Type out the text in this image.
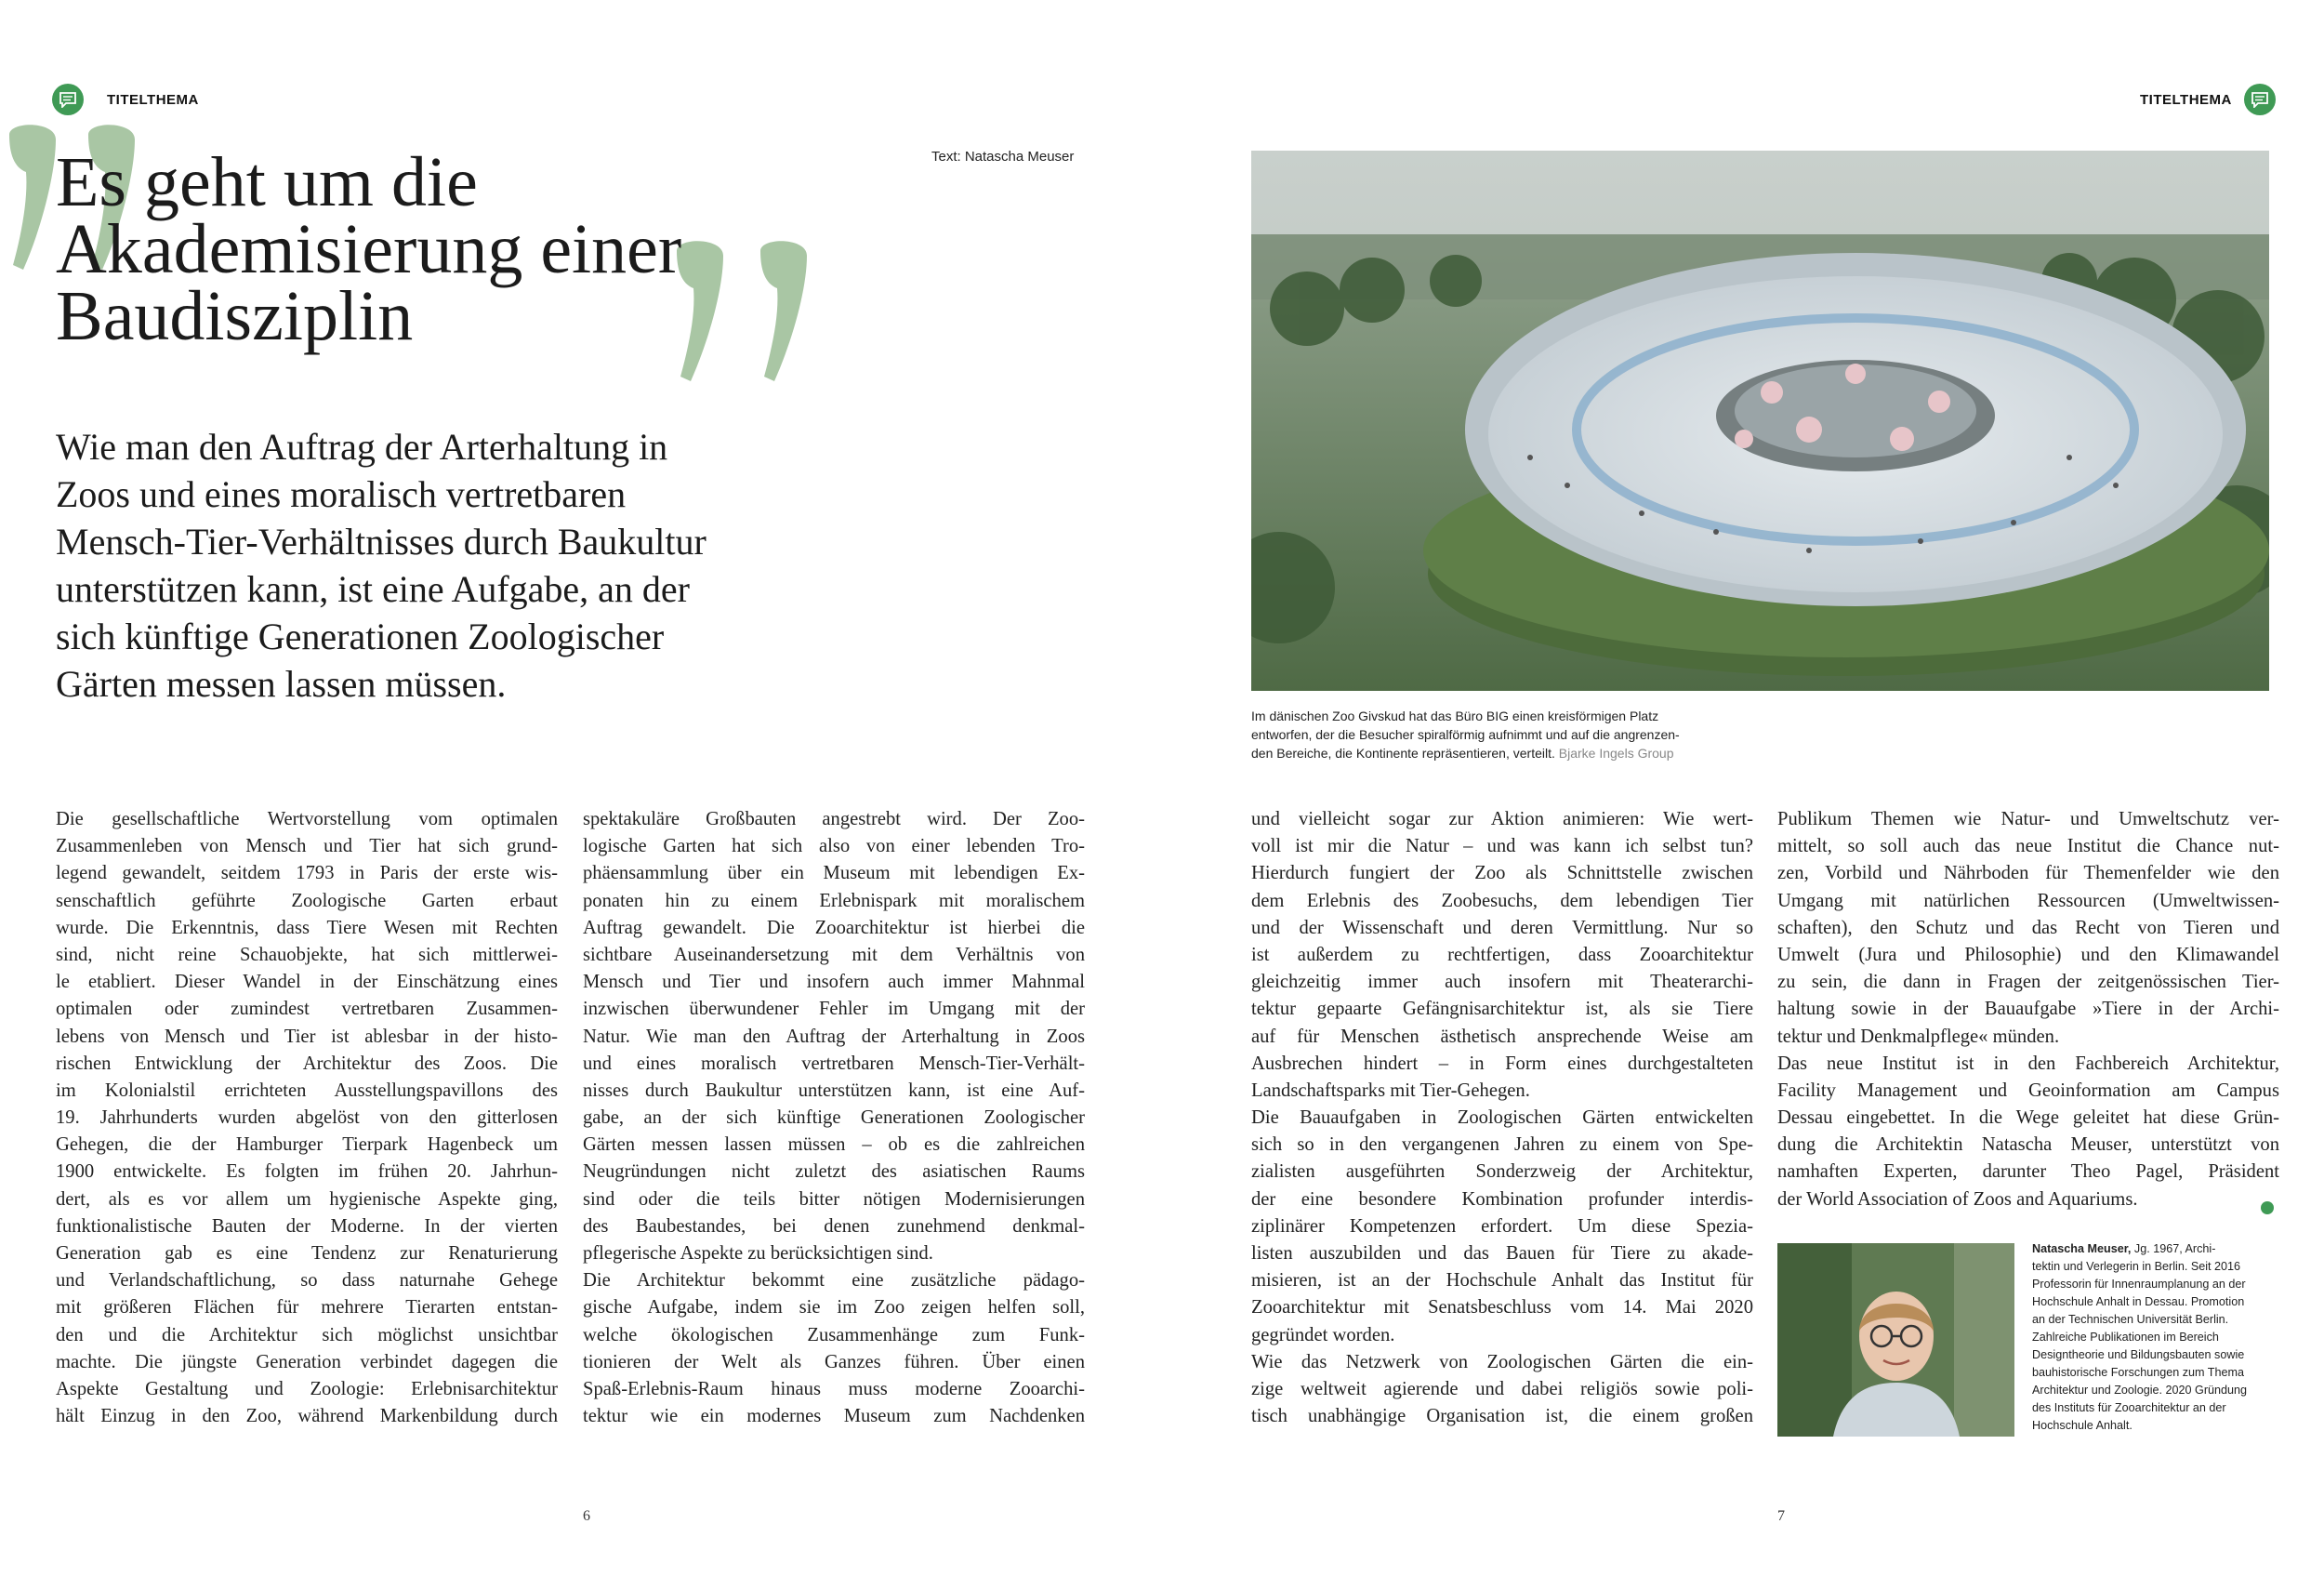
TITELTHEMA	TITELTHEMA
Text: Natascha Meuser
Es geht um die
Akademisierung einer
Baudisziplin
Wie man den Auftrag der Arterhaltung in
Zoos und eines moralisch vertretbaren
Mensch-Tier-Verhältnisses durch Baukultur
unterstützen kann, ist eine Aufgabe, an der
sich künftige Generationen Zoologischer
Gärten messen lassen müssen.
Im dänischen Zoo Givskud hat das Büro BIG einen kreisförmigen Platz
entworfen, der die Besucher spiralförmig aufnimmt und auf die angrenzen-
den Bereiche, die Kontinente repräsentieren, verteilt. Bjarke Ingels Group
Die gesellschaftliche Wertvorstellung vom optimalen
Zusammenleben von Mensch und Tier hat sich grund-
legend gewandelt, seitdem 1793 in Paris der erste wis-
senschaftlich geführte Zoologische Garten erbaut
wurde. Die Erkenntnis, dass Tiere Wesen mit Rechten
sind, nicht reine Schauobjekte, hat sich mittlerwei-
le etabliert. Dieser Wandel in der Einschätzung eines
optimalen oder zumindest vertretbaren Zusammen-
lebens von Mensch und Tier ist ablesbar in der histo-
rischen Entwicklung der Architektur des Zoos. Die
im Kolonialstil errichteten Ausstellungspavillons des
19. Jahrhunderts wurden abgelöst von den gitterlosen
Gehegen, die der Hamburger Tierpark Hagenbeck um
1900 entwickelte. Es folgten im frühen 20. Jahrhun-
dert, als es vor allem um hygienische Aspekte ging,
funktionalistische Bauten der Moderne. In der vierten
Generation gab es eine Tendenz zur Renaturierung
und Verlandschaftlichung, so dass naturnahe Gehege
mit größeren Flächen für mehrere Tierarten entstan-
den und die Architektur sich möglichst unsichtbar
machte. Die jüngste Generation verbindet dagegen die
Aspekte Gestaltung und Zoologie: Erlebnisarchitektur
hält Einzug in den Zoo, während Markenbildung durch
spektakuläre Großbauten angestrebt wird. Der Zoo-
logische Garten hat sich also von einer lebenden Tro-
phäensammlung über ein Museum mit lebendigen Ex-
ponaten hin zu einem Erlebnispark mit moralischem
Auftrag gewandelt. Die Zooarchitektur ist hierbei die
sichtbare Auseinandersetzung mit dem Verhältnis von
Mensch und Tier und insofern auch immer Mahnmal
inzwischen überwundener Fehler im Umgang mit der
Natur. Wie man den Auftrag der Arterhaltung in Zoos
und eines moralisch vertretbaren Mensch-Tier-Verhält-
nisses durch Baukultur unterstützen kann, ist eine Auf-
gabe, an der sich künftige Generationen Zoologischer
Gärten messen lassen müssen – ob es die zahlreichen
Neugründungen nicht zuletzt des asiatischen Raums
sind oder die teils bitter nötigen Modernisierungen
des Baubestandes, bei denen zunehmend denkmal-
pflegerische Aspekte zu berücksichtigen sind.
Die Architektur bekommt eine zusätzliche pädago-
gische Aufgabe, indem sie im Zoo zeigen helfen soll,
welche ökologischen Zusammenhänge zum Funk-
tionieren der Welt als Ganzes führen. Über einen
Spaß-Erlebnis-Raum hinaus muss moderne Zooarchi-
tektur wie ein modernes Museum zum Nachdenken
und vielleicht sogar zur Aktion animieren: Wie wert-
voll ist mir die Natur – und was kann ich selbst tun?
Hierdurch fungiert der Zoo als Schnittstelle zwischen
dem Erlebnis des Zoobesuchs, dem lebendigen Tier
und der Wissenschaft und deren Vermittlung. Nur so
ist außerdem zu rechtfertigen, dass Zooarchitektur
gleichzeitig immer auch insofern mit Theaterarchi-
tektur gepaarte Gefängnisarchitektur ist, als sie Tiere
auf für Menschen ästhetisch ansprechende Weise am
Ausbrechen hindert – in Form eines durchgestalteten
Landschaftsparks mit Tier-Gehegen.
Die Bauaufgaben in Zoologischen Gärten entwickelten
sich so in den vergangenen Jahren zu einem von Spe-
zialisten ausgeführten Sonderzweig der Architektur,
der eine besondere Kombination profunder interdis-
ziplinärer Kompetenzen erfordert. Um diese Spezia-
listen auszubilden und das Bauen für Tiere zu akade-
misieren, ist an der Hochschule Anhalt das Institut für
Zooarchitektur mit Senatsbeschluss vom 14. Mai 2020
gegründet worden.
Wie das Netzwerk von Zoologischen Gärten die ein-
zige weltweit agierende und dabei religiös sowie poli-
tisch unabhängige Organisation ist, die einem großen
Publikum Themen wie Natur- und Umweltschutz ver-
mittelt, so soll auch das neue Institut die Chance nut-
zen, Vorbild und Nährboden für Themenfelder wie den
Umgang mit natürlichen Ressourcen (Umweltwissen-
schaften), den Schutz und das Recht von Tieren und
Umwelt (Jura und Philosophie) und den Klimawandel
zu sein, die dann in Fragen der zeitgenössischen Tier-
haltung sowie in der Bauaufgabe »Tiere in der Archi-
tektur und Denkmalpflege« münden.
Das neue Institut ist in den Fachbereich Architektur,
Facility Management und Geoinformation am Campus
Dessau eingebettet. In die Wege geleitet hat diese Grün-
dung die Architektin Natascha Meuser, unterstützt von
namhaften Experten, darunter Theo Pagel, Präsident
der World Association of Zoos and Aquariums.
Natascha Meuser, Jg. 1967, Archi-
tektin und Verlegerin in Berlin. Seit 2016
Professorin für Innenraumplanung an der
Hochschule Anhalt in Dessau. Promotion
an der Technischen Universität Berlin.
Zahlreiche Publikationen im Bereich
Designtheorie und Bildungsbauten sowie
bauhistorische Forschungen zum Thema
Architektur und Zoologie. 2020 Gründung
des Instituts für Zooarchitektur an der
Hochschule Anhalt.
6	7
